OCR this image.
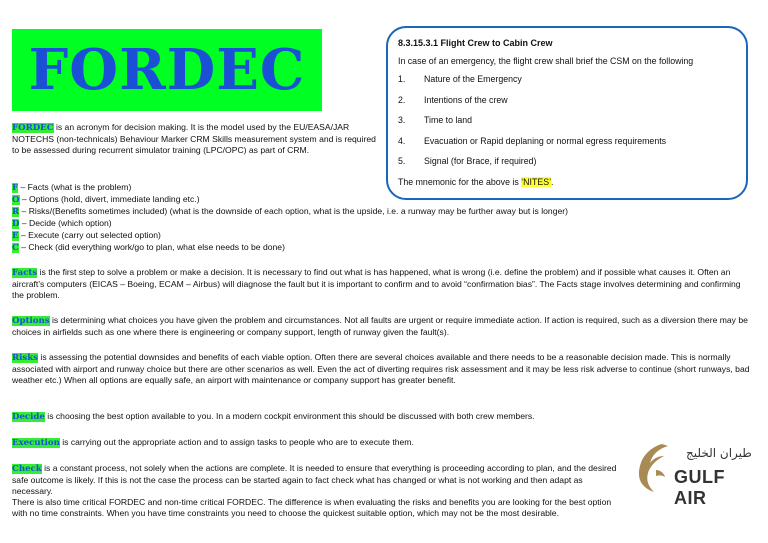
FORDEC

FORDEC is an acronym for decision making. It is the model used by the EU/EASA/JAR NOTECHS (non-technicals) Behaviour Marker CRM Skills measurement system and is required to be assessed during recurrent simulator training (LPC/OPC) as part of CRM.

F – Facts (what is the problem)
O – Options (hold, divert, immediate landing etc.)
R – Risks/(Benefits sometimes included) (what is the downside of each option, what is the upside, i.e. a runway may be further away but is longer)
D – Decide (which option)
E – Execute (carry out selected option)
C – Check (did everything work/go to plan, what else needs to be done)

Facts is the first step to solve a problem or make a decision. It is necessary to find out what is has happened, what is wrong (i.e. define the problem) and if possible what causes it. Often an aircraft’s computers (EICAS – Boeing, ECAM – Airbus) will diagnose the fault but it is important to confirm and to avoid “confirmation bias”. The Facts stage involves determining and confirming the problem.

Options is determining what choices you have given the problem and circumstances. Not all faults are urgent or require immediate action. If action is required, such as a diversion there may be choices in airfields such as one where there is engineering or company support, length of runway given the fault(s).

Risks is assessing the potential downsides and benefits of each viable option. Often there are several choices available and there needs to be a reasonable decision made. This is normally associated with airport and runway choice but there are other scenarios as well. Even the act of diverting requires risk assessment and it may be less risk adverse to continue (short runways, bad weather etc.) When all options are equally safe, an airport with maintenance or company support has greater benefit.

Decide is choosing the best option available to you. In a modern cockpit environment this should be discussed with both crew members.

Execution is carrying out the appropriate action and to assign tasks to people who are to execute them.

Check is a constant process, not solely when the actions are complete. It is needed to ensure that everything is proceeding according to plan, and the desired safe outcome is likely. If this is not the case the process can be started again to fact check what has changed or what is not working and then adapt as necessary.
There is also time critical FORDEC and non-time critical FORDEC. The difference is when evaluating the risks and benefits you are looking for the best option with no time constraints. When you have time constraints you need to choose the quickest suitable option, which may not be the most desirable.

8.3.15.3.1 Flight Crew to Cabin Crew
In case of an emergency, the flight crew shall brief the CSM on the following
1.	Nature of the Emergency
2.	Intentions of the crew
3.	Time to land
4.	Evacuation or Rapid deplaning or normal egress requirements
5.	Signal (for Brace, if required)
The mnemonic for the above is ‘NITES’.
طيران الخليج
GULF AIR
